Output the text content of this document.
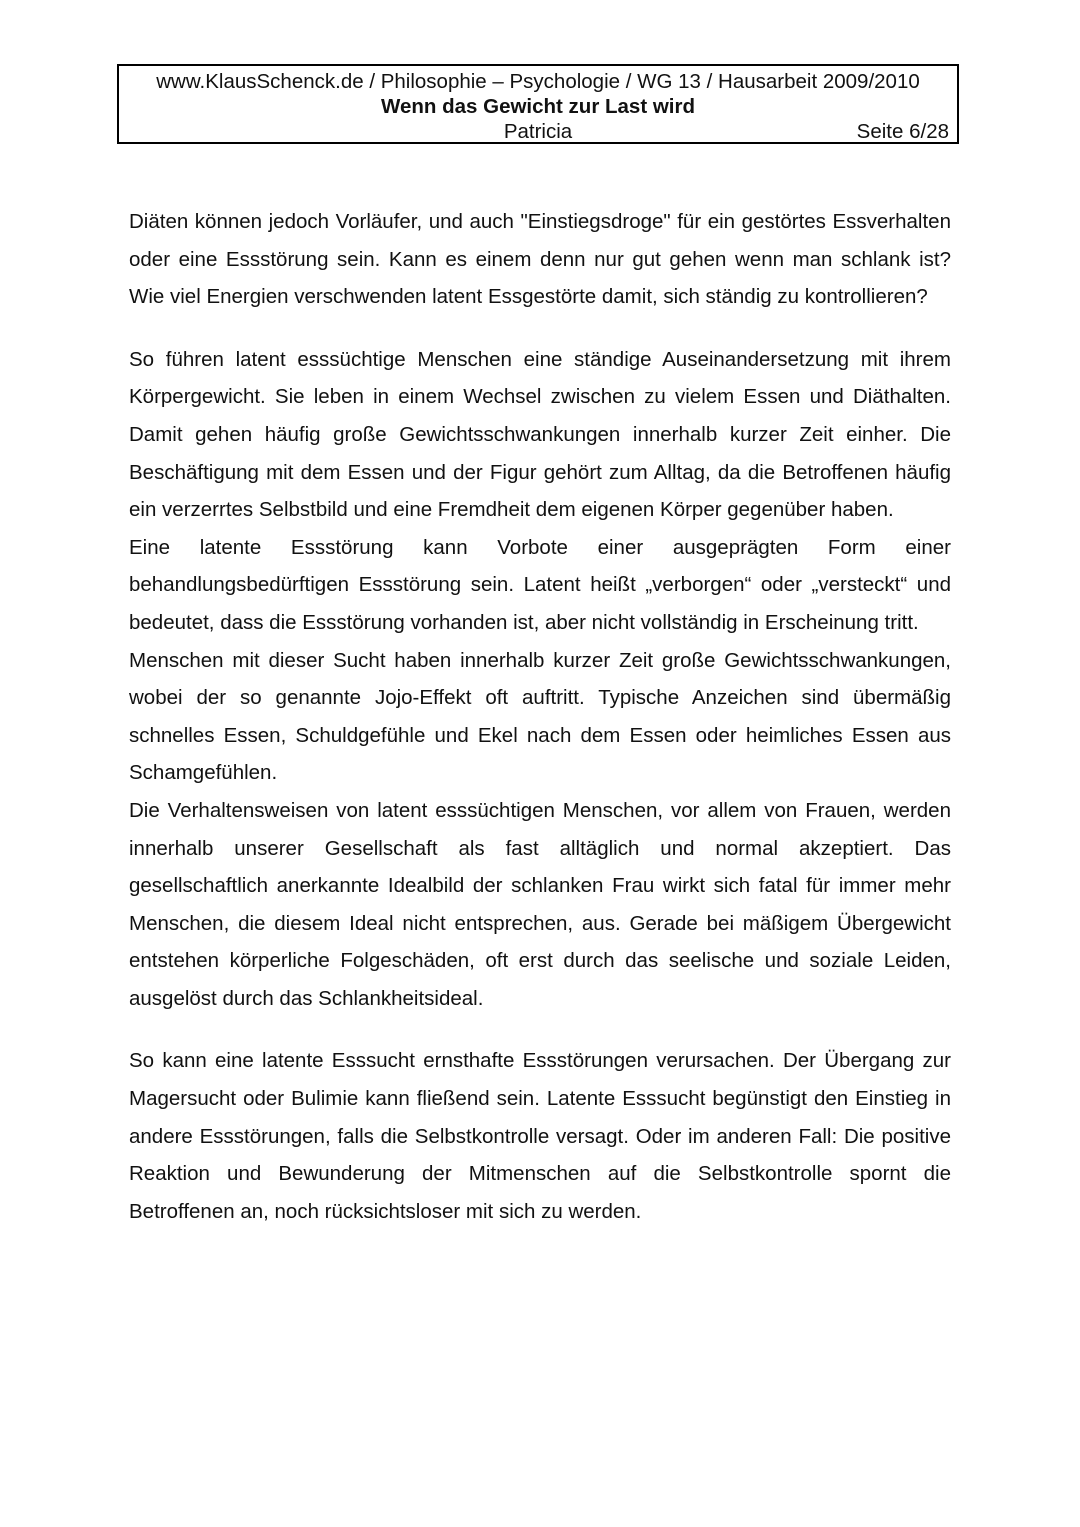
www.KlausSchenck.de / Philosophie – Psychologie / WG 13 / Hausarbeit 2009/2010
Wenn das Gewicht zur Last wird
Patricia	Seite 6/28

Diäten können jedoch Vorläufer, und auch "Einstiegsdroge" für ein gestörtes Essverhalten oder eine Essstörung sein. Kann es einem denn nur gut gehen wenn man schlank ist? Wie viel Energien verschwenden latent Essgestörte damit, sich ständig zu kontrollieren?

So führen latent esssüchtige Menschen eine ständige Auseinandersetzung mit ihrem Körpergewicht. Sie leben in einem Wechsel zwischen zu vielem Essen und Diäthalten. Damit gehen häufig große Gewichtsschwankungen innerhalb kurzer Zeit einher. Die Beschäftigung mit dem Essen und der Figur gehört zum Alltag, da die Betroffenen häufig ein verzerrtes Selbstbild und eine Fremdheit dem eigenen Körper gegenüber haben.

Eine latente Essstörung kann Vorbote einer ausgeprägten Form einer behandlungsbedürftigen Essstörung sein. Latent heißt „verborgen“ oder „versteckt“ und bedeutet, dass die Essstörung vorhanden ist, aber nicht vollständig in Erscheinung tritt.

Menschen mit dieser Sucht haben innerhalb kurzer Zeit große Gewichtsschwankungen, wobei der so genannte Jojo-Effekt oft auftritt. Typische Anzeichen sind übermäßig schnelles Essen, Schuldgefühle und Ekel nach dem Essen oder heimliches Essen aus Schamgefühlen.

Die Verhaltensweisen von latent esssüchtigen Menschen, vor allem von Frauen, werden innerhalb unserer Gesellschaft als fast alltäglich und normal akzeptiert. Das gesellschaftlich anerkannte Idealbild der schlanken Frau wirkt sich fatal für immer mehr Menschen, die diesem Ideal nicht entsprechen, aus. Gerade bei mäßigem Übergewicht entstehen körperliche Folgeschäden, oft erst durch das seelische und soziale Leiden, ausgelöst durch das Schlankheitsideal.

So kann eine latente Esssucht ernsthafte Essstörungen verursachen. Der Übergang zur Magersucht oder Bulimie kann fließend sein. Latente Esssucht begünstigt den Einstieg in andere Essstörungen, falls die Selbstkontrolle versagt. Oder im anderen Fall: Die positive Reaktion und Bewunderung der Mitmenschen auf die Selbstkontrolle spornt die Betroffenen an, noch rücksichtsloser mit sich zu werden.
